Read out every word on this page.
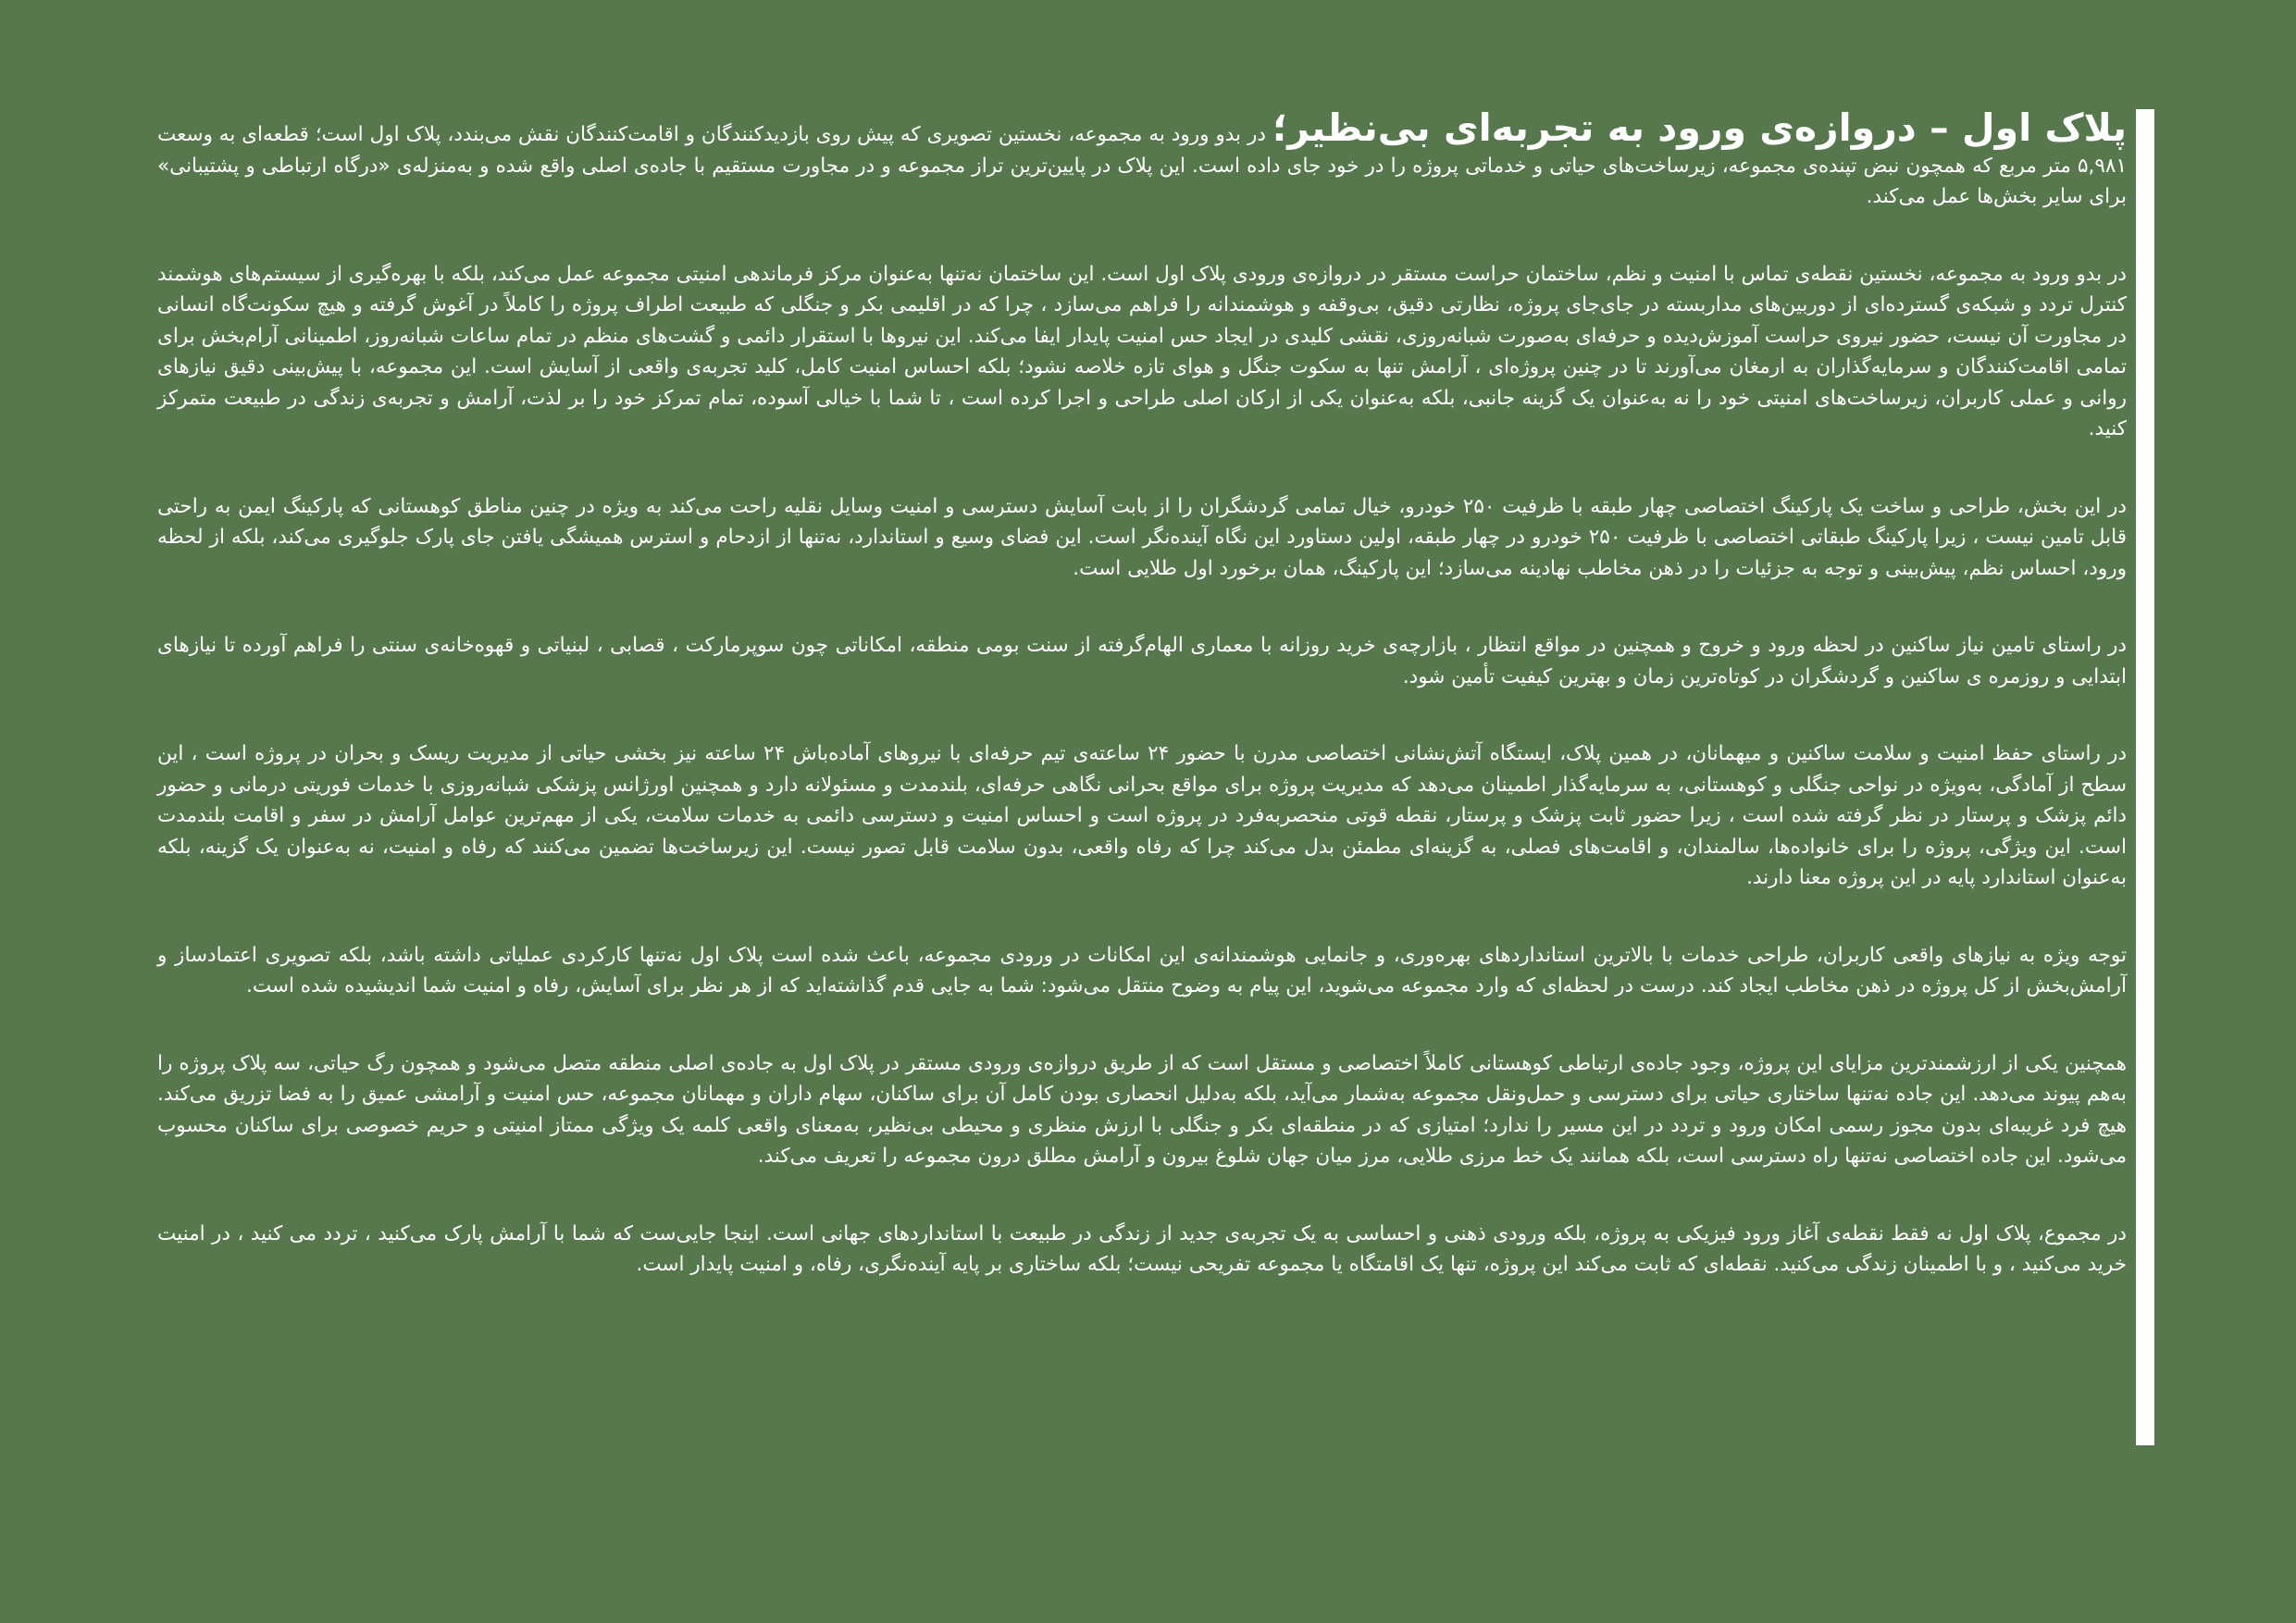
پلاک اول – دروازه‌ی ورود به تجربه‌ای بی‌نظیر؛ در بدو ورود به مجموعه، نخستین تصویری که پیش روی بازدیدکنندگان و اقامت‌کنندگان نقش می‌بندد، پلاک اول است؛ قطعه‌ای به وسعت ۵,۹۸۱ متر مربع که همچون نبض تپنده‌ی مجموعه، زیرساخت‌های حیاتی و خدماتی پروژه را در خود جای داده است. این پلاک در پایین‌ترین تراز مجموعه و در مجاورت مستقیم با جاده‌ی اصلی واقع شده و به‌منزله‌ی «درگاه ارتباطی و پشتیبانی» برای سایر بخش‌ها عمل می‌کند.

در بدو ورود به مجموعه، نخستین نقطه‌ی تماس با امنیت و نظم، ساختمان حراست مستقر در دروازه‌ی ورودی پلاک اول است. این ساختمان نه‌تنها به‌عنوان مرکز فرماندهی امنیتی مجموعه عمل می‌کند، بلکه با بهره‌گیری از سیستم‌های هوشمند کنترل تردد و شبکه‌ی گسترده‌ای از دوربین‌های مداربسته در جای‌جای پروژه، نظارتی دقیق، بی‌وقفه و هوشمندانه را فراهم می‌سازد ، چرا که در اقلیمی بکر و جنگلی که طبیعت اطراف پروژه را کاملاً در آغوش گرفته و هیچ سکونت‌گاه انسانی در مجاورت آن نیست، حضور نیروی حراست آموزش‌دیده و حرفه‌ای به‌صورت شبانه‌روزی، نقشی کلیدی در ایجاد حس امنیت پایدار ایفا می‌کند. این نیروها با استقرار دائمی و گشت‌های منظم در تمام ساعات شبانه‌روز، اطمینانی آرام‌بخش برای تمامی اقامت‌کنندگان و سرمایه‌گذاران به ارمغان می‌آورند تا در چنین پروژه‌ای ، آرامش تنها به سکوت جنگل و هوای تازه خلاصه نشود؛ بلکه احساس امنیت کامل، کلید تجربه‌ی واقعی از آسایش است. این مجموعه، با پیش‌بینی دقیق نیازهای روانی و عملی کاربران، زیرساخت‌های امنیتی خود را نه به‌عنوان یک گزینه جانبی، بلکه به‌عنوان یکی از ارکان اصلی طراحی و اجرا کرده است ، تا شما با خیالی آسوده، تمام تمرکز خود را بر لذت، آرامش و تجربه‌ی زندگی در طبیعت متمرکز کنید.

در این بخش، طراحی و ساخت یک پارکینگ اختصاصی چهار طبقه با ظرفیت ۲۵۰ خودرو، خیال تمامی گردشگران را از بابت آسایش دسترسی و امنیت وسایل نقلیه راحت می‌کند به ویژه در چنین مناطق کوهستانی که پارکینگ ایمن به راحتی قابل تامین نیست ، زیرا پارکینگ طبقاتی اختصاصی با ظرفیت ۲۵۰ خودرو در چهار طبقه، اولین دستاورد این نگاه آینده‌نگر است. این فضای وسیع و استاندارد، نه‌تنها از ازدحام و استرس همیشگی یافتن جای پارک جلوگیری می‌کند، بلکه از لحظه ورود، احساس نظم، پیش‌بینی و توجه به جزئیات را در ذهن مخاطب نهادینه می‌سازد؛ این پارکینگ، همان برخورد اول طلایی است.

در راستای تامین نیاز ساکنین در لحظه ورود و خروج و همچنین در مواقع انتظار ، بازارچه‌ی خرید روزانه با معماری الهام‌گرفته از سنت بومی منطقه، امکاناتی چون سوپرمارکت ، قصابی ، لبنیاتی و قهوه‌خانه‌ی سنتی را فراهم آورده تا نیازهای ابتدایی و روزمره ی ساکنین و گردشگران در کوتاه‌ترین زمان و بهترین کیفیت تأمین شود.

در راستای حفظ امنیت و سلامت ساکنین و میهمانان، در همین پلاک، ایستگاه آتش‌نشانی اختصاصی مدرن با حضور ۲۴ ساعته‌ی تیم حرفه‌ای با نیروهای آماده‌باش ۲۴ ساعته نیز بخشی حیاتی از مدیریت ریسک و بحران در پروژه است ، این سطح از آمادگی، به‌ویژه در نواحی جنگلی و کوهستانی، به سرمایه‌گذار اطمینان می‌دهد که مدیریت پروژه برای مواقع بحرانی نگاهی حرفه‌ای، بلندمدت و مسئولانه دارد و همچنین اورژانس پزشکی شبانه‌روزی با خدمات فوریتی درمانی و حضور دائم پزشک و پرستار در نظر گرفته شده است ، زیرا حضور ثابت پزشک و پرستار، نقطه قوتی منحصربه‌فرد در پروژه است و احساس امنیت و دسترسی دائمی به خدمات سلامت، یکی از مهم‌ترین عوامل آرامش در سفر و اقامت بلندمدت است. این ویژگی، پروژه را برای خانواده‌ها، سالمندان، و اقامت‌های فصلی، به گزینه‌ای مطمئن بدل می‌کند چرا که رفاه واقعی، بدون سلامت قابل تصور نیست. این زیرساخت‌ها تضمین می‌کنند که رفاه و امنیت، نه به‌عنوان یک گزینه، بلکه به‌عنوان استاندارد پایه در این پروژه معنا دارند.

توجه ویژه به نیازهای واقعی کاربران، طراحی خدمات با بالاترین استانداردهای بهره‌وری، و جانمایی هوشمندانه‌ی این امکانات در ورودی مجموعه، باعث شده است پلاک اول نه‌تنها کارکردی عملیاتی داشته باشد، بلکه تصویری اعتمادساز و آرامش‌بخش از کل پروژه در ذهن مخاطب ایجاد کند. درست در لحظه‌ای که وارد مجموعه می‌شوید، این پیام به وضوح منتقل می‌شود: شما به جایی قدم گذاشته‌اید که از هر نظر برای آسایش، رفاه و امنیت شما اندیشیده شده است.

همچنین یکی از ارزشمندترین مزایای این پروژه، وجود جاده‌ی ارتباطی کوهستانی کاملاً اختصاصی و مستقل است که از طریق دروازه‌ی ورودی مستقر در پلاک اول به جاده‌ی اصلی منطقه متصل می‌شود و همچون رگ حیاتی، سه پلاک پروژه را به‌هم پیوند می‌دهد. این جاده نه‌تنها ساختاری حیاتی برای دسترسی و حمل‌ونقل مجموعه به‌شمار می‌آید، بلکه به‌دلیل انحصاری بودن کامل آن برای ساکنان، سهام داران و مهمانان مجموعه، حس امنیت و آرامشی عمیق را به فضا تزریق می‌کند. هیچ فرد غریبه‌ای بدون مجوز رسمی امکان ورود و تردد در این مسیر را ندارد؛ امتیازی که در منطقه‌ای بکر و جنگلی با ارزش منظری و محیطی بی‌نظیر، به‌معنای واقعی کلمه یک ویژگی ممتاز امنیتی و حریم خصوصی برای ساکنان محسوب می‌شود. این جاده اختصاصی نه‌تنها راه دسترسی است، بلکه همانند یک خط مرزی طلایی، مرز میان جهان شلوغ بیرون و آرامش مطلق درون مجموعه را تعریف می‌کند.

در مجموع، پلاک اول نه فقط نقطه‌ی آغاز ورود فیزیکی به پروژه، بلکه ورودی ذهنی و احساسی به یک تجربه‌ی جدید از زندگی در طبیعت با استانداردهای جهانی است. اینجا جایی‌ست که شما با آرامش پارک می‌کنید ، تردد می کنید ، در امنیت خرید می‌کنید ، و با اطمینان زندگی می‌کنید. نقطه‌ای که ثابت می‌کند این پروژه، تنها یک اقامتگاه یا مجموعه تفریحی نیست؛ بلکه ساختاری بر پایه آینده‌نگری، رفاه، و امنیت پایدار است.
